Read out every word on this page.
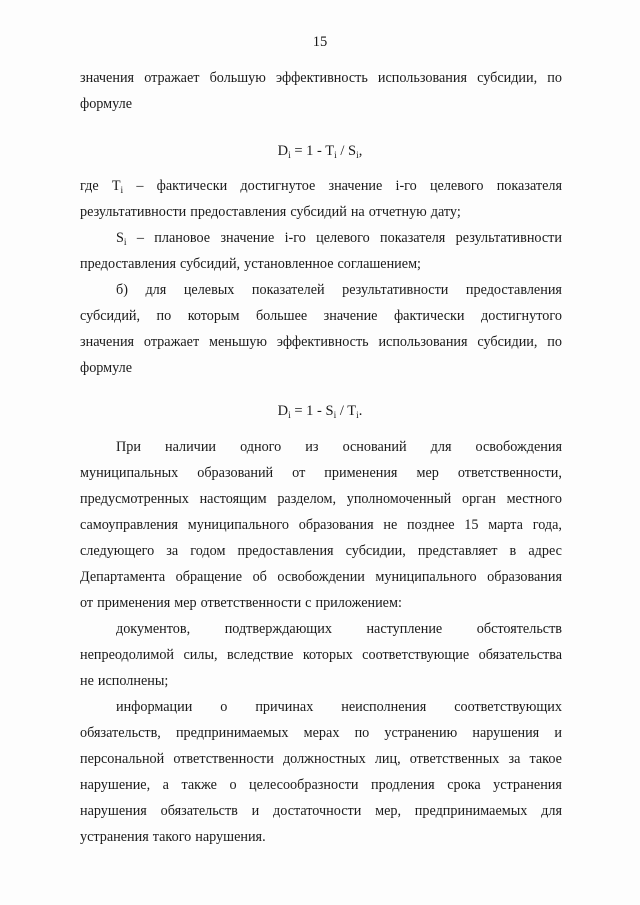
15
значения отражает большую эффективность использования субсидии, по
формуле
$D_i = 1 - T_i / S_i$,
где $T_i$ – фактически достигнутое значение i-го целевого показателя
результативности предоставления субсидий на отчетную дату;
$S_i$ – плановое значение i-го целевого показателя результативности
предоставления субсидий, установленное соглашением;
б) для целевых показателей результативности предоставления
субсидий, по которым большее значение фактически достигнутого
значения отражает меньшую эффективность использования субсидии, по
формуле
$D_i = 1 - S_i / T_i$.
При наличии одного из оснований для освобождения
муниципальных образований от применения мер ответственности,
предусмотренных настоящим разделом, уполномоченный орган местного
самоуправления муниципального образования не позднее 15 марта года,
следующего за годом предоставления субсидии, представляет в адрес
Департамента обращение об освобождении муниципального образования
от применения мер ответственности с приложением:
документов, подтверждающих наступление обстоятельств
непреодолимой силы, вследствие которых соответствующие обязательства
не исполнены;
информации о причинах неисполнения соответствующих
обязательств, предпринимаемых мерах по устранению нарушения и
персональной ответственности должностных лиц, ответственных за такое
нарушение, а также о целесообразности продления срока устранения
нарушения обязательств и достаточности мер, предпринимаемых для
устранения такого нарушения.
